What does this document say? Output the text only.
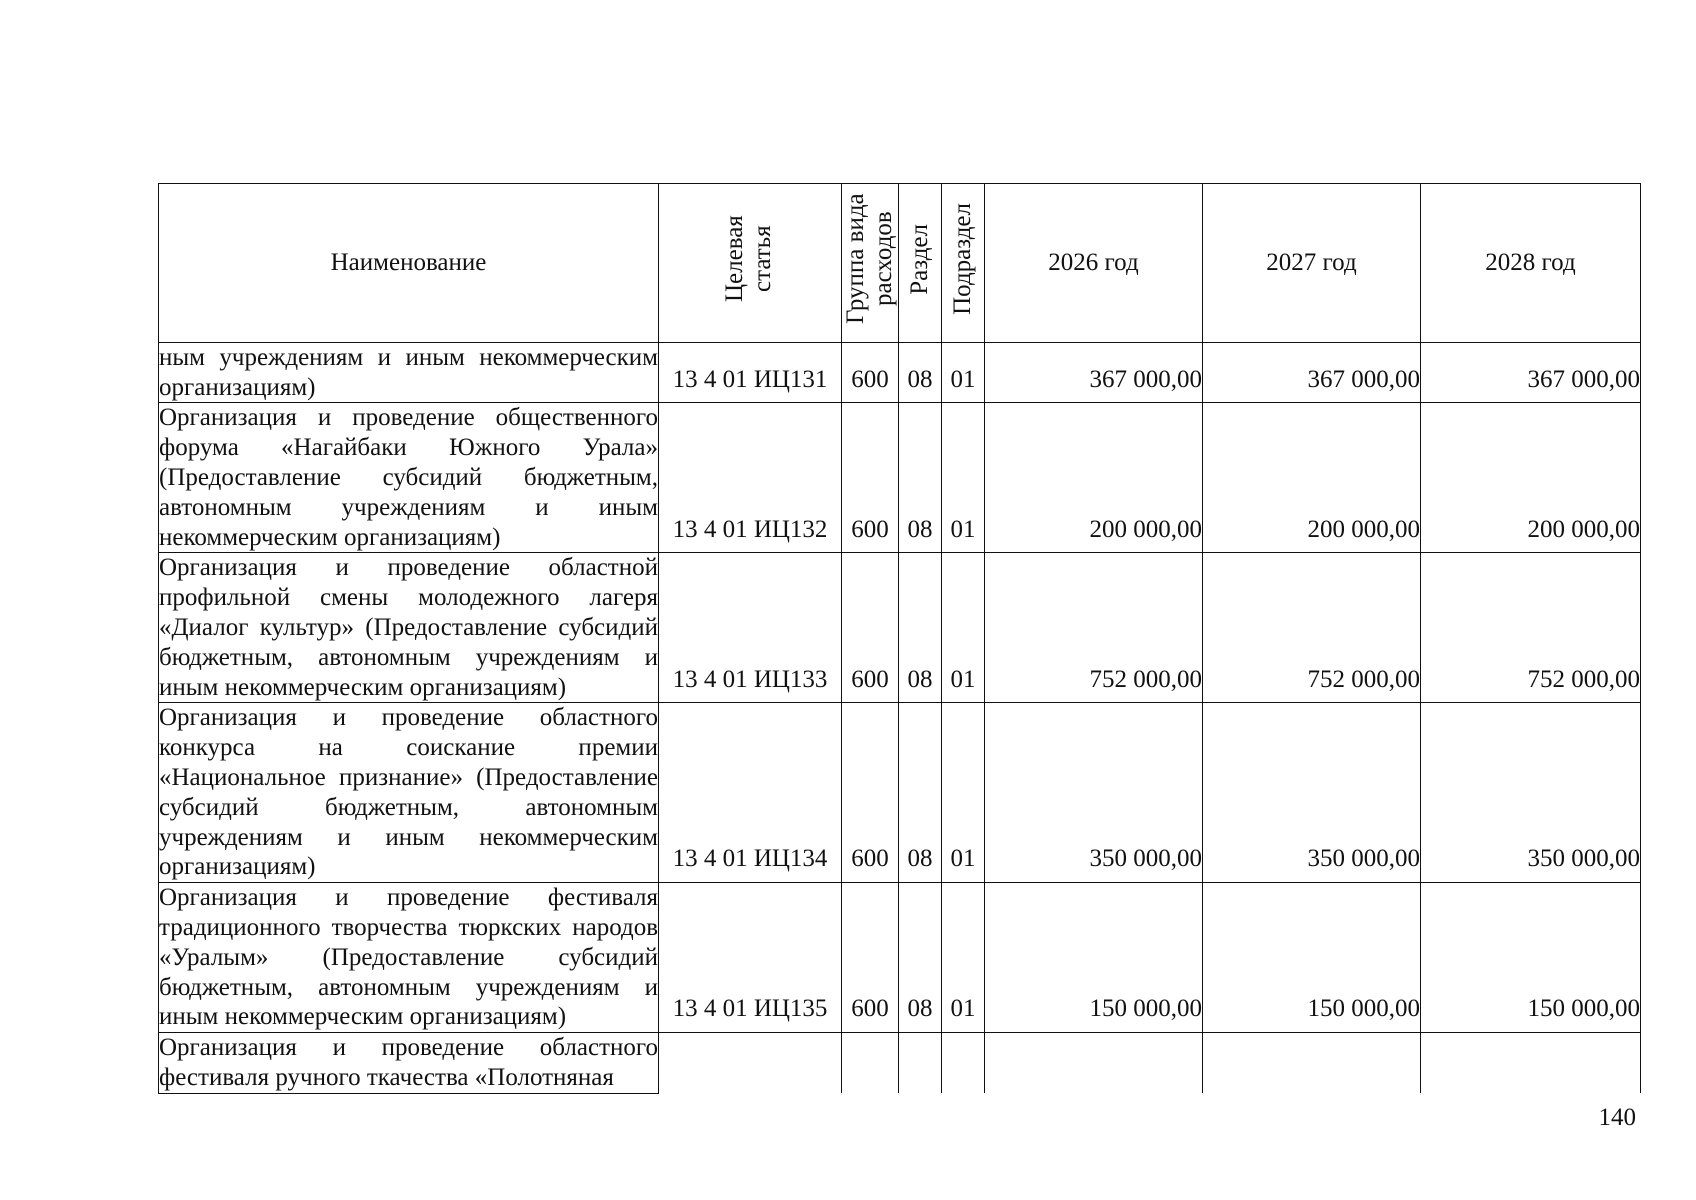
Наименование	Целевая статья	Группа вида расходов	Раздел	Подраздел	2026 год	2027 год	2028 год
ным учреждениям и иным некоммерческим организациям)	13 4 01 ИЦ131	600	08	01	367 000,00	367 000,00	367 000,00

Организация и проведение общественного форума «Нагайбаки Южного Урала» (Предоставление субсидий бюджетным, автономным учреждениям и иным некоммерческим организациям)	13 4 01 ИЦ132	600	08	01	200 000,00	200 000,00	200 000,00

Организация и проведение областной профильной смены молодежного лагеря «Диалог культур» (Предоставление субсидий бюджетным, автономным учреждениям и иным некоммерческим организациям)	13 4 01 ИЦ133	600	08	01	752 000,00	752 000,00	752 000,00

Организация и проведение областного конкурса на соискание премии «Национальное признание» (Предоставление субсидий бюджетным, автономным учреждениям и иным некоммерческим организациям)	13 4 01 ИЦ134	600	08	01	350 000,00	350 000,00	350 000,00

Организация и проведение фестиваля традиционного творчества тюркских народов «Уралым» (Предоставление субсидий бюджетным, автономным учреждениям и иным некоммерческим организациям)	13 4 01 ИЦ135	600	08	01	150 000,00	150 000,00	150 000,00

Организация и проведение областного фестиваля ручного ткачества «Полотняная							
140
